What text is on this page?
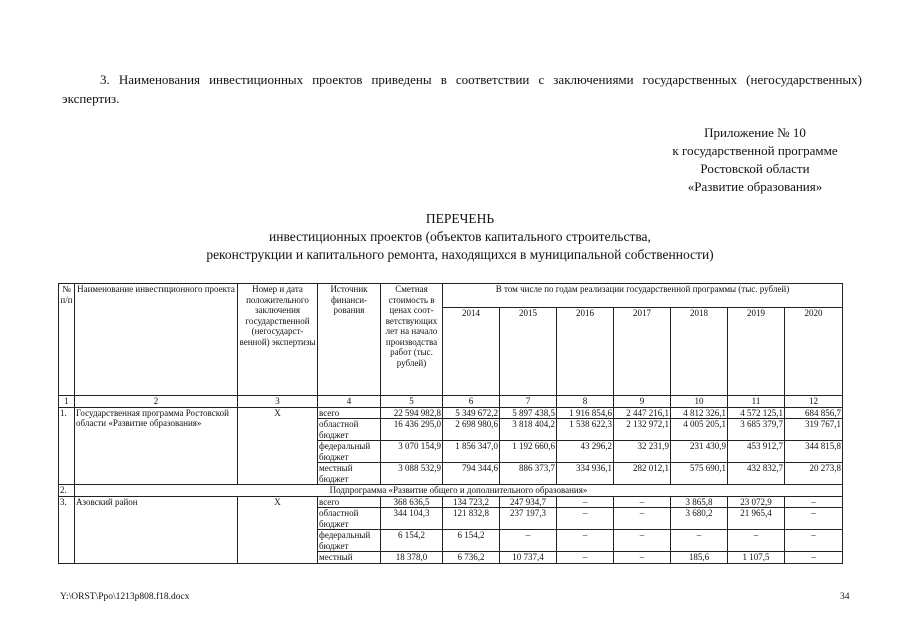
3. Наименования инвестиционных проектов приведены в соответствии с заключениями государственных (негосударственных) экспертиз.
Приложение № 10
к государственной программе
Ростовской области
«Развитие образования»
ПЕРЕЧЕНЬ
инвестиционных проектов (объектов капитального строительства,
реконструкции и капитального ремонта, находящихся в муниципальной собственности)
№ п/п	Наименование инвестиционного проекта	Номер и дата положительного заключения государственной (негосударст-венной) экспертизы	Источник финанси-рования	Сметная стоимость в ценах соот-ветствующих лет на начало производства работ (тыс. рублей)	В том числе по годам реализации государственной программы (тыс. рублей)						
					2014	2015	2016	2017	2018	2019	2020
1	2	3	4	5	6	7	8	9	10	11	12
1.	Государственная программа Ростовской области «Развитие образования»	Х	всего	22 594 982,8	5 349 672,2	5 897 438,5	1 916 854,6	2 447 216,1	4 812 326,1	4 572 125,1	684 856,7
			областной бюджет	16 436 295,0	2 698 980,6	3 818 404,2	1 538 622,3	2 132 972,1	4 005 205,1	3 685 379,7	319 767,1
			федеральный бюджет	3 070 154,9	1 856 347,0	1 192 660,6	43 296,2	32 231,9	231 430,9	453 912,7	344 815,8
			местный бюджет	3 088 532,9	794 344,6	886 373,7	334 936,1	282 012,1	575 690,1	432 832,7	20 273,8
2.	Подпрограмма «Развитие общего и дополнительного образования»										
3.	Азовский район	Х	всего	368 636,5	134 723,2	247 934,7	–	–	3 865,8	23 072,9	–
			областной бюджет	344 104,3	121 832,8	237 197,3	–	–	3 680,2	21 965,4	–
			федеральный бюджет	6 154,2	6 154,2	–	–	–	–	–	–
			местный	18 378,0	6 736,2	10 737,4	–	–	185,6	1 107,5	–
Y:\ORST\Ppo\1213p808.f18.docx	34
